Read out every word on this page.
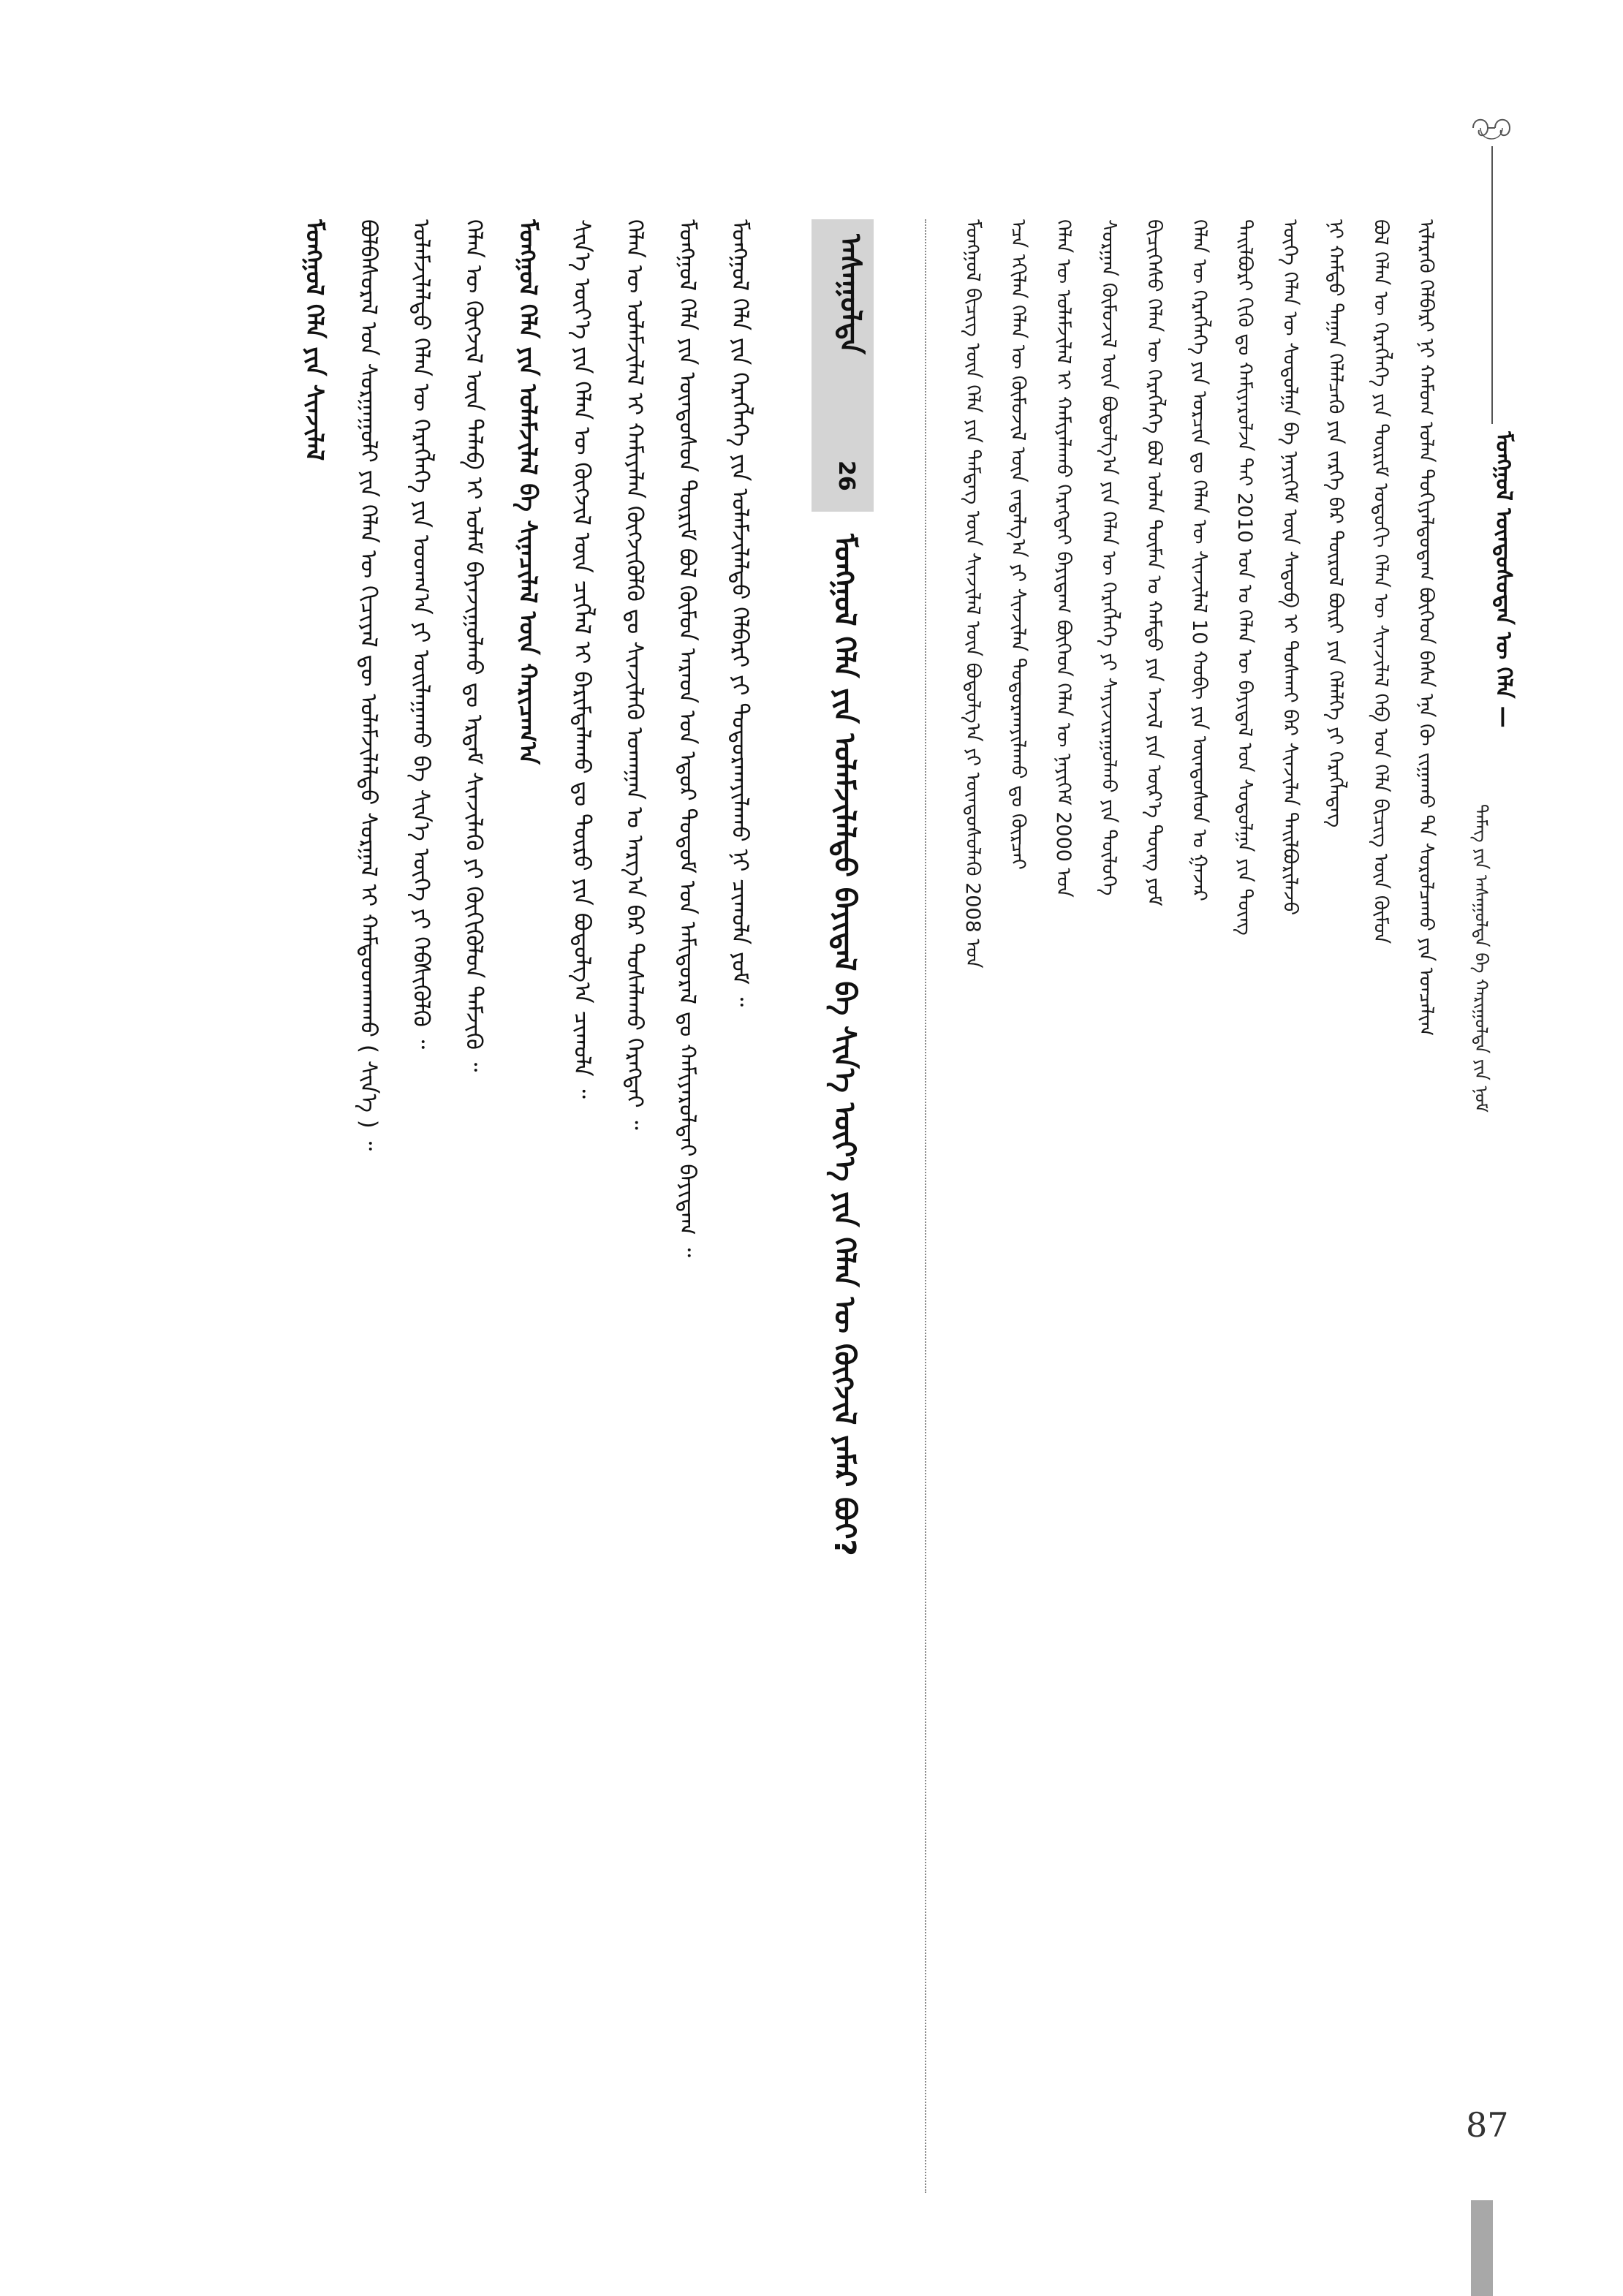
ᠮᠣᠩᠭᠣᠯ ᠦᠨᠳᠦᠰᠦᠲᠡᠨ ᠦ ᠬᠡᠯᠡ —
ᠳᠡᠮᠡᠭ ᠶᠢᠨ ᠠᠰᠠᠭᠤᠯᠲᠠ ᠪᠠ ᠬᠠᠷᠢᠭᠤᠯᠲᠠ ᠶᠢᠨ ᠨᠣᠮ
ᠢᠯᠡᠷᠡᠬᠦ ᠬᠡᠯᠪᠡᠷᠢ ᠨᠢ ᠬᠠᠮᠤᠭ ᠤᠯᠠᠨ ᠲᠣᠬᠢᠶᠠᠯᠳᠤᠳᠠᠭ ᠪᠥᠭᠡᠳ ᠪᠠᠰᠠ ᠡᠨᠡ ᠬᠦ ᠵᠢᠭᠠᠬᠤ ᠲᠠ ᠰᠤᠷᠤᠯᠴᠠᠬᠤ ᠶᠢᠨ ᠣᠨᠴᠠᠯᠢᠭ
ᠪᠣᠯ ᠬᠡᠯᠡᠨ ᠦ ᠬᠡᠷᠡᠭᠯᠡᠭᠡ ᠶᠢᠨ ᠳᠦᠷᠢᠮ ᠣᠳᠣᠬᠢ ᠬᠡᠯᠡᠨ ᠦ ᠰᠢᠨᠵᠢᠯᠡᠯ ᠬᠡᠪ ᠤᠨ ᠬᠡᠯᠡ ᠪᠢᠴᠢᠭ ᠦᠨ ᠬᠦᠮᠦᠨ
ᠨᠢ ᠬᠠᠮᠲᠤ ᠳᠠᠭᠠᠨ ᠬᠡᠯᠡᠯᠴᠡᠬᠦ ᠶᠢᠨ ᠵᠡᠷᠭᠡ ᠪᠡᠷ ᠲᠦᠷᠦᠯ ᠪᠦᠷᠢ ᠶᠢᠨ ᠬᠡᠯᠡᠯᠭᠡ ᠶᠢ ᠬᠡᠷᠡᠭᠯᠡᠳᠡᠭ
ᠦᠭᠡ ᠬᠡᠯᠡᠨ ᠦ ᠰᠤᠳᠤᠯᠭᠠ ᠪᠠ ᠨᠡᠶᠢᠭᠡᠮ ᠦᠨ ᠰᠡᠳᠦᠪ ᠢ ᠲᠤᠰᠬᠠᠢ ᠪᠠᠷ ᠰᠢᠨᠵᠢᠯᠡᠨ ᠲᠠᠢᠯᠪᠤᠷᠢᠯᠠᠵᠤ
ᠲᠠᠢᠯᠪᠤᠷᠢ ᠬᠢᠬᠦ ᠳᠤ ᠬᠠᠮᠢᠶᠠᠷᠤᠯᠵᠠ ᠲᠠᠢ 2010 ᠣᠨ ᠤ ᠬᠡᠯᠡᠨ ᠦ ᠪᠠᠶᠢᠳᠠᠯ ᠤᠨ ᠰᠤᠳᠤᠯᠭᠠ ᠶᠢᠨ ᠳᠦᠩ
ᠬᠡᠯᠡᠨ ᠦ ᠬᠡᠷᠡᠭᠯᠡᠭᠡ ᠶᠢᠨ ᠣᠷᠴᠢᠨ ᠳᠤ ᠬᠡᠯᠡᠨ ᠦ ᠰᠢᠨᠵᠢᠯᠡᠯ 10 ᠬᠤᠪᠢ ᠶᠢᠨ ᠦᠨᠳᠦᠰᠦᠨ ᠤ ᠭᠠᠵᠠᠷ
ᠪᠢᠴᠢᠭᠡᠰᠦ ᠬᠡᠯᠡᠨ ᠦ ᠬᠡᠷᠡᠭᠯᠡᠭᠡ ᠪᠣᠯ ᠣᠯᠠᠨ ᠲᠦᠮᠡᠨ ᠤ ᠬᠠᠮᠲᠤ ᠶᠢᠨ ᠠᠵᠢᠯ ᠶᠢᠨ ᠦᠷ᠎ᠡ ᠳᠦᠩ ᠶᠤᠮ
ᠰᠤᠷᠭᠠᠨ ᠬᠦᠮᠦᠵᠢᠯ ᠦᠨ ᠪᠣᠳᠣᠯᠭ᠎ᠠ ᠶᠢᠨ ᠬᠡᠯᠡᠨ ᠦ ᠬᠡᠷᠡᠭᠯᠡᠭᠡ ᠶᠢ ᠰᠠᠶᠢᠵᠢᠷᠠᠭᠤᠯᠬᠤ ᠶᠢᠨ ᠲᠥᠯᠥᠭᠡ
ᠬᠡᠯᠡᠨ ᠦ ᠤᠯᠠᠮᠵᠢᠯᠠᠯ ᠢ ᠬᠠᠮᠢᠶᠠᠯᠠᠬᠤ ᠬᠡᠷᠡᠭᠲᠡᠢ ᠪᠠᠶᠢᠳᠠᠭ ᠪᠥᠭᠡᠳ ᠬᠡᠯᠡᠨ ᠦ ᠨᠡᠶᠢᠭᠡᠮ 2000 ᠣᠨ
ᠡᠴᠡ ᠡᠬᠢᠯᠡᠨ ᠬᠡᠯᠡᠨ ᠦ ᠬᠦᠮᠦᠵᠢᠯ ᠦᠨ ᠵᠠᠳᠠᠯᠭ᠎ᠠ ᠶᠢ ᠰᠢᠨᠵᠢᠯᠡᠨ ᠲᠣᠳᠣᠷᠬᠠᠶᠢᠯᠠᠬᠤ ᠳᠤ ᠬᠦᠷᠴᠡᠢ
ᠮᠣᠩᠭᠣᠯ ᠪᠢᠴᠢᠭ ᠦᠨ ᠬᠡᠯᠡ ᠶᠢᠨ ᠲᠡᠮᠳᠡᠭ ᠦᠨ ᠰᠢᠨᠵᠢᠯᠡᠯ ᠦᠨ ᠪᠣᠳᠣᠯᠭ᠎ᠠ ᠶᠢ ᠦᠨᠳᠦᠰᠦᠯᠡᠬᠦ 2008 ᠣᠨ
ᠠᠰᠠᠭᠤᠯᠲᠠ
26
ᠮᠣᠩᠭᠣᠯ ᠬᠡᠯᠡ ᠶᠢᠨ ᠤᠯᠠᠮᠵᠢᠯᠠᠯᠲᠤ ᠪᠠᠶᠢᠳᠠᠯ ᠪᠠ ᠰᠢᠨ᠎ᠡ ᠦᠶ᠎ᠡ ᠶᠢᠨ ᠬᠡᠯᠡᠨ ᠦ ᠬᠥᠭᠵᠢᠯ ᠶᠠᠮᠠᠷ ᠪᠤᠢ?
ᠮᠣᠩᠭᠣᠯ ᠬᠡᠯᠡ ᠶᠢᠨ ᠬᠡᠷᠡᠭᠯᠡᠭᠡ ᠶᠢᠨ ᠤᠯᠠᠮᠵᠢᠯᠠᠯᠲᠤ ᠬᠡᠯᠪᠡᠷᠢ ᠶᠢ ᠲᠣᠳᠣᠷᠬᠠᠶᠢᠯᠠᠬᠤ ᠨᠢ ᠴᠢᠬᠤᠯᠠ ᠶᠤᠮ ᠃
ᠮᠣᠩᠭᠣᠯ ᠬᠡᠯᠡ ᠶᠢᠨ ᠦᠨᠳᠦᠰᠦᠨ ᠳᠦᠷᠢᠮ ᠪᠣᠯ ᠬᠦᠮᠦᠨ ᠠᠷᠠᠳ ᠤᠨ ᠡᠳᠦᠷ ᠲᠤᠲᠤᠮ ᠤᠨ ᠠᠮᠢᠳᠤᠷᠠᠯ ᠳᠤ ᠬᠠᠮᠢᠶᠠᠷᠤᠯᠲᠠᠢ ᠪᠠᠶᠢᠳᠠᠭ ᠃
ᠬᠡᠯᠡᠨ ᠦ ᠤᠯᠠᠮᠵᠢᠯᠠᠯ ᠢ ᠬᠠᠮᠢᠶᠠᠯᠠᠨ ᠬᠥᠭᠵᠢᠭᠦᠯᠬᠦ ᠳᠤ ᠰᠢᠨᠵᠢᠯᠡᠬᠦ ᠤᠬᠠᠭᠠᠨ ᠤ ᠠᠷᠭ᠎ᠠ ᠪᠠᠷ ᠲᠤᠰᠠᠯᠠᠬᠤ ᠬᠡᠷᠡᠭᠲᠡᠢ ᠃
ᠰᠢᠨ᠎ᠡ ᠦᠶ᠎ᠡ ᠶᠢᠨ ᠬᠡᠯᠡᠨ ᠦ ᠬᠥᠭᠵᠢᠯ ᠦᠨ ᠴᠢᠭᠯᠡᠯ ᠢ ᠪᠠᠷᠢᠮᠲᠠᠯᠠᠬᠤ ᠳᠤ ᠲᠥᠷᠦ ᠶᠢᠨ ᠪᠣᠳᠣᠯᠭ᠎ᠠ ᠴᠢᠬᠤᠯᠠ ᠃
ᠮᠣᠩᠭᠣᠯ ᠬᠡᠯᠡ ᠶᠢᠨ ᠤᠯᠠᠮᠵᠢᠯᠠᠯ ᠪᠠ ᠰᠢᠨᠡᠴᠢᠯᠡᠯ ᠦᠨ ᠬᠠᠷᠢᠴᠠᠭ᠎ᠠ
ᠬᠡᠯᠡᠨ ᠦ ᠬᠥᠭᠵᠢᠯ ᠦᠨ ᠲᠡᠯᠡᠪ ᠢ ᠤᠯᠠᠮ ᠪᠠᠶᠠᠵᠢᠭᠤᠯᠬᠤ ᠳᠤ ᠡᠷᠳᠡᠮ ᠰᠢᠨᠵᠢᠯᠡᠬᠦ ᠶᠢ ᠬᠥᠬᠢᠭᠦᠯᠦᠨ ᠳᠡᠮᠵᠢᠬᠦ ᠃
ᠤᠯᠠᠮᠵᠢᠯᠠᠯᠲᠤ ᠬᠡᠯᠡᠨ ᠦ ᠬᠡᠷᠡᠭᠯᠡᠭᠡ ᠶᠢᠨ ᠤᠳᠬ᠎ᠠ ᠶᠢ ᠣᠢᠯᠠᠭᠠᠬᠤ ᠪᠠ ᠰᠢᠨ᠎ᠡ ᠦᠭᠡ ᠶᠢ ᠬᠡᠪᠰᠢᠭᠦᠯᠬᠦ ᠃
ᠪᠣᠯᠪᠠᠰᠤᠷᠠᠯ ᠤᠨ ᠰᠤᠷᠭᠠᠭᠤᠯᠢ ᠶᠢᠨ ᠬᠡᠯᠡᠨ ᠦ ᠬᠢᠴᠢᠶᠡᠯ ᠳᠦ ᠤᠯᠠᠮᠵᠢᠯᠠᠯᠲᠤ ᠰᠤᠷᠭᠠᠯ ᠢ ᠬᠠᠮᠲᠤᠳᠬᠠᠬᠤ ( ᠰᠢᠨ᠎ᠡ ) ᠃
ᠮᠣᠩᠭᠣᠯ ᠬᠡᠯᠡ ᠶᠢᠨ ᠰᠢᠨᠵᠢᠯᠡᠯ
87
